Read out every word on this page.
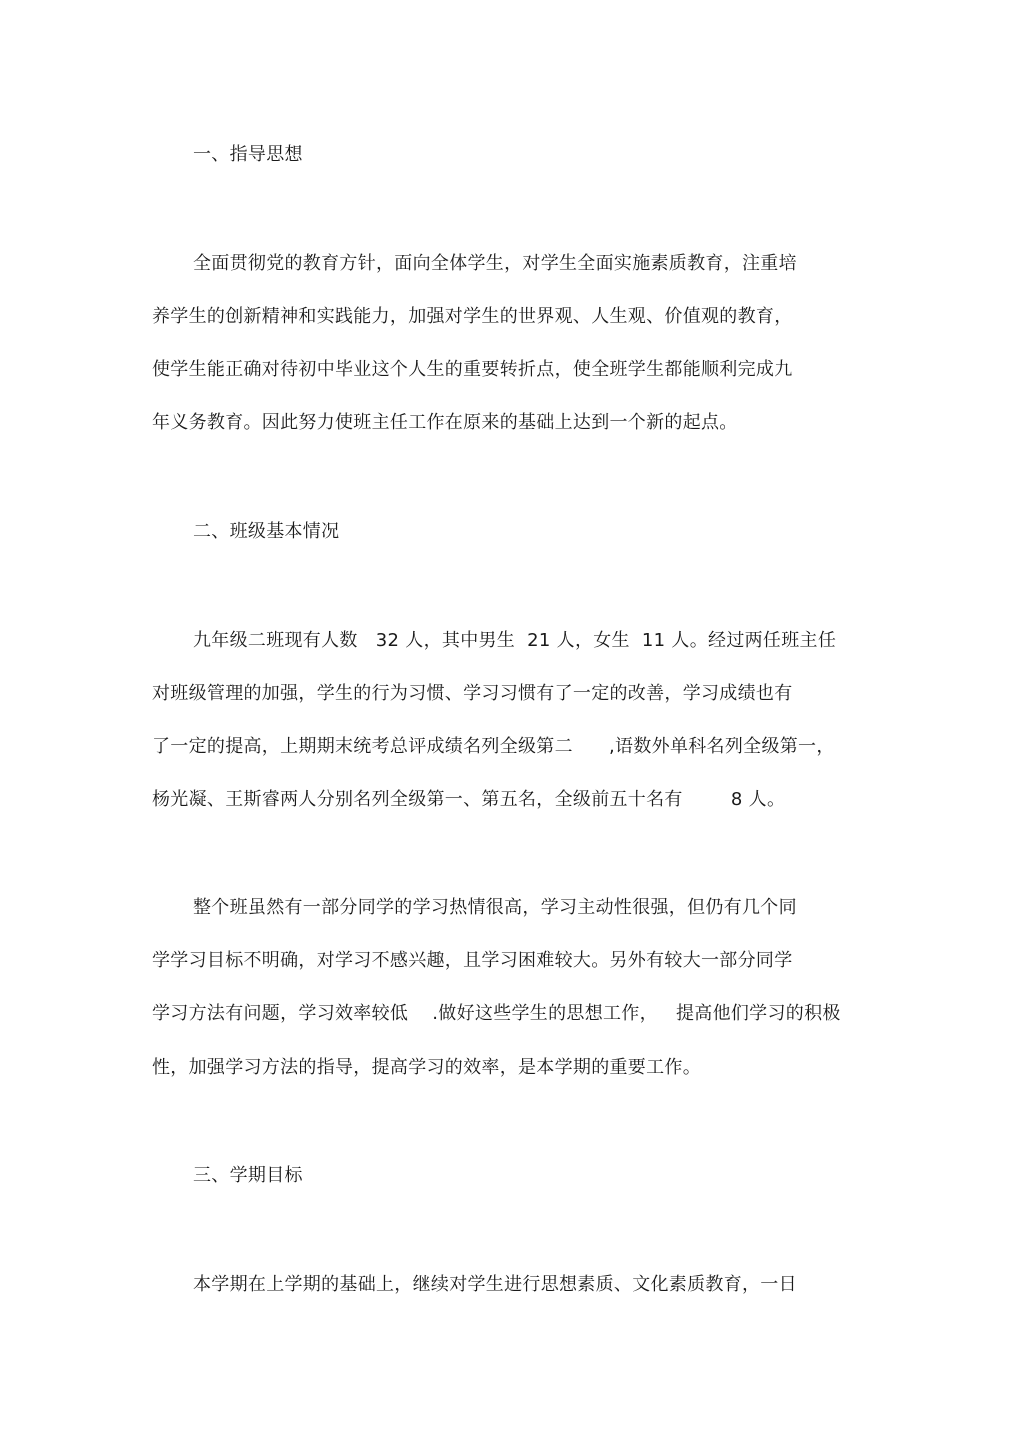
一、指导思想
全面贯彻党的教育方针，面向全体学生，对学生全面实施素质教育，注重培
养学生的创新精神和实践能力，加强对学生的世界观、人生观、价值观的教育，
使学生能正确对待初中毕业这个人生的重要转折点，使全班学生都能顺利完成九
年义务教育。因此努力使班主任工作在原来的基础上达到一个新的起点。
二、班级基本情况
九年级二班现有人数   32 人，其中男生  21 人，女生  11 人。经过两任班主任
对班级管理的加强，学生的行为习惯、学习习惯有了一定的改善，学习成绩也有
了一定的提高，上期期末统考总评成绩名列全级第二      ,语数外单科名列全级第一，
杨光凝、王斯睿两人分别名列全级第一、第五名，全级前五十名有        8 人。
整个班虽然有一部分同学的学习热情很高，学习主动性很强，但仍有几个同
学学习目标不明确，对学习不感兴趣，且学习困难较大。另外有较大一部分同学
学习方法有问题，学习效率较低    .做好这些学生的思想工作，   提高他们学习的积极
性，加强学习方法的指导，提高学习的效率，是本学期的重要工作。
三、学期目标
本学期在上学期的基础上，继续对学生进行思想素质、文化素质教育，一日
